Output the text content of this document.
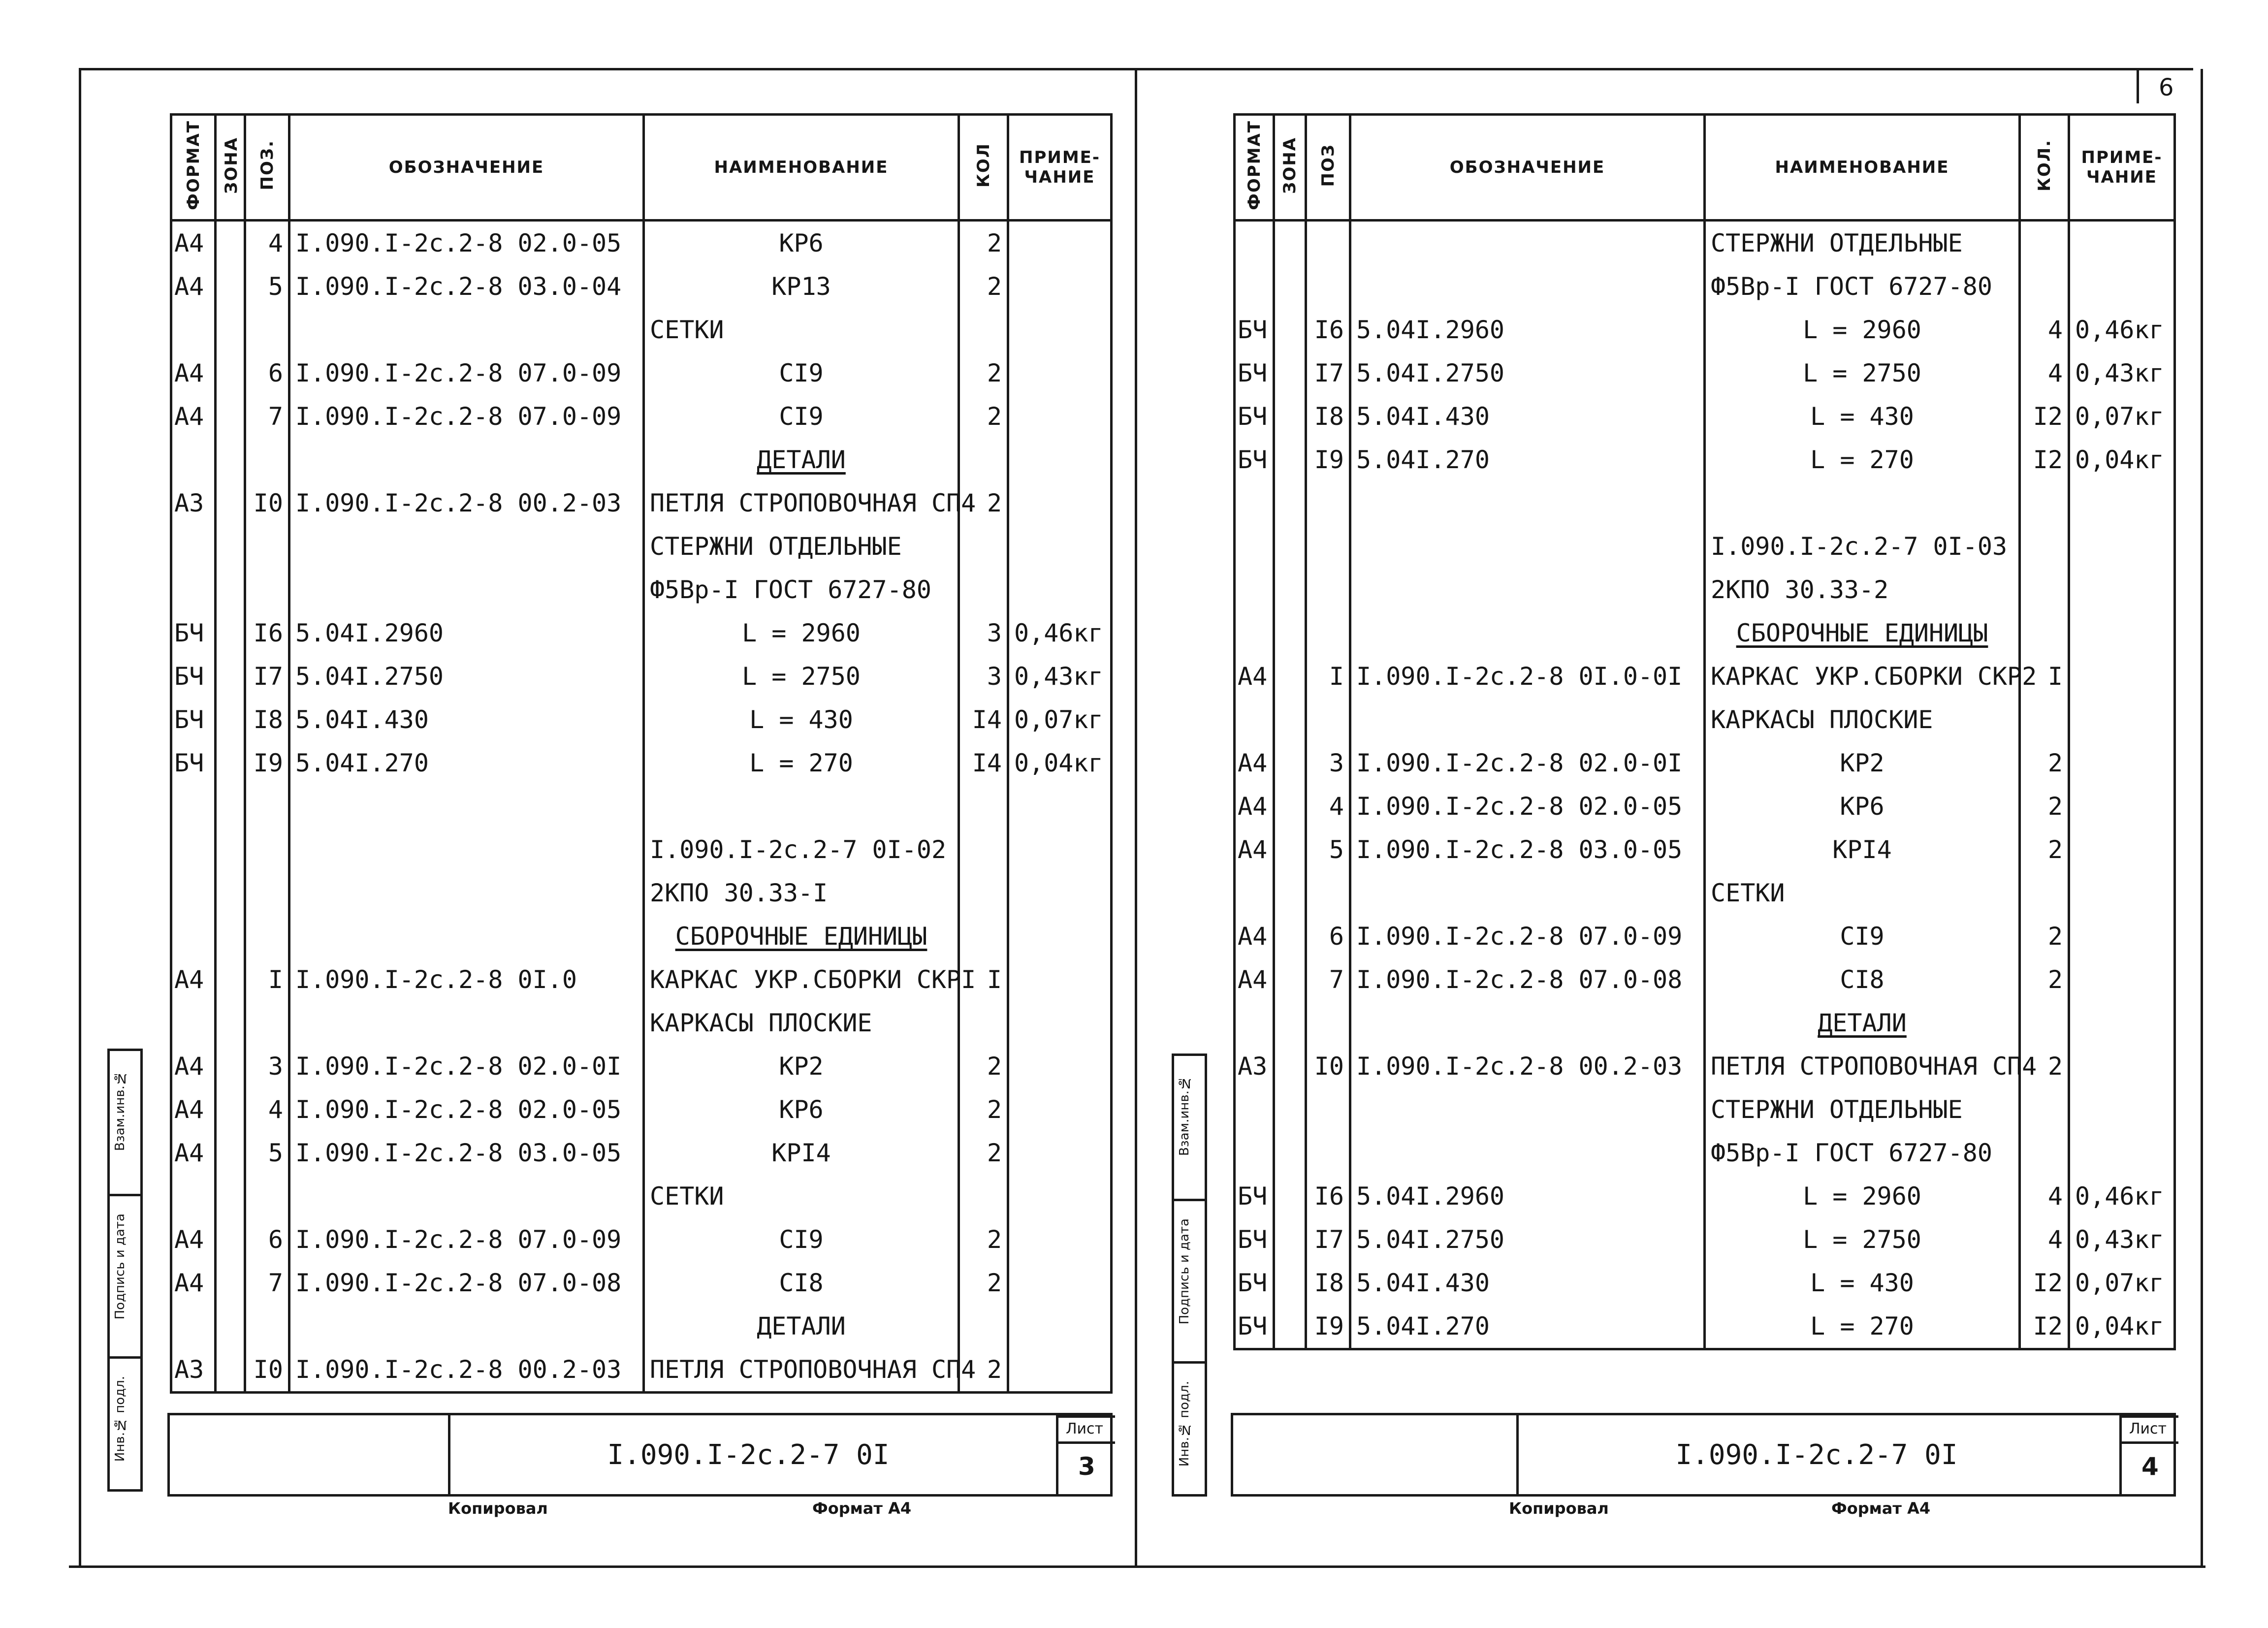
ФОРМАТ	ЗОНА	ПОЗ.	ОБОЗНАЧЕНИЕ	НАИМЕНОВАНИЕ	КОЛ	ПРИМЕ- ЧАНИЕ
А4		4	I.090.I-2с.2-8 02.0-05	КР6	2	
А4		5	I.090.I-2с.2-8 03.0-04	КР13	2	
				СЕТКИ		
А4		6	I.090.I-2с.2-8 07.0-09	СI9	2	
А4		7	I.090.I-2с.2-8 07.0-09	СI9	2	
				ДЕТАЛИ		
А3		I0	I.090.I-2с.2-8 00.2-03	ПЕТЛЯ СТРОПОВОЧНАЯ СП4	2	
				СТЕРЖНИ ОТДЕЛЬНЫЕ		
				Ф5Вр-I ГОСТ 6727-80		
БЧ		I6	5.04I.2960	L = 2960	3	0,46кг
БЧ		I7	5.04I.2750	L = 2750	3	0,43кг
БЧ		I8	5.04I.430	L = 430	I4	0,07кг
БЧ		I9	5.04I.270	L = 270	I4	0,04кг

				I.090.I-2с.2-7 0I-02		
				2КПО 30.33-I		
				СБОРОЧНЫЕ ЕДИНИЦЫ		
А4		I	I.090.I-2с.2-8 0I.0	КАРКАС УКР.СБОРКИ СКРI	I	
				КАРКАСЫ ПЛОСКИЕ		
А4		3	I.090.I-2с.2-8 02.0-0I	КР2	2	
А4		4	I.090.I-2с.2-8 02.0-05	КР6	2	
А4		5	I.090.I-2с.2-8 03.0-05	КРI4	2	
				СЕТКИ		
А4		6	I.090.I-2с.2-8 07.0-09	СI9	2	
А4		7	I.090.I-2с.2-8 07.0-08	СI8	2	
				ДЕТАЛИ		
А3		I0	I.090.I-2с.2-8 00.2-03	ПЕТЛЯ СТРОПОВОЧНАЯ СП4	2	
Взам.инв.№
Подпись и дата
Инв.№ подл.	I.090.I-2с.2-7 0I
Лист
3
Копировал	Формат А4
ФОРМАТ	ЗОНА	ПОЗ	ОБОЗНАЧЕНИЕ	НАИМЕНОВАНИЕ	КОЛ.	ПРИМЕ- ЧАНИЕ
				СТЕРЖНИ ОТДЕЛЬНЫЕ		
				Ф5Вр-I ГОСТ 6727-80		
БЧ		I6	5.04I.2960	L = 2960	4	0,46кг
БЧ		I7	5.04I.2750	L = 2750	4	0,43кг
БЧ		I8	5.04I.430	L = 430	I2	0,07кг
БЧ		I9	5.04I.270	L = 270	I2	0,04кг

				I.090.I-2с.2-7 0I-03		
				2КПО 30.33-2		
				СБОРОЧНЫЕ ЕДИНИЦЫ		
А4		I	I.090.I-2с.2-8 0I.0-0I	КАРКАС УКР.СБОРКИ СКР2	I	
				КАРКАСЫ ПЛОСКИЕ		
А4		3	I.090.I-2с.2-8 02.0-0I	КР2	2	
А4		4	I.090.I-2с.2-8 02.0-05	КР6	2	
А4		5	I.090.I-2с.2-8 03.0-05	КРI4	2	
				СЕТКИ		
А4		6	I.090.I-2с.2-8 07.0-09	СI9	2	
А4		7	I.090.I-2с.2-8 07.0-08	СI8	2	
				ДЕТАЛИ		
А3		I0	I.090.I-2с.2-8 00.2-03	ПЕТЛЯ СТРОПОВОЧНАЯ СП4	2	
				СТЕРЖНИ ОТДЕЛЬНЫЕ		
				Ф5Вр-I ГОСТ 6727-80		
БЧ		I6	5.04I.2960	L = 2960	4	0,46кг
БЧ		I7	5.04I.2750	L = 2750	4	0,43кг
БЧ		I8	5.04I.430	L = 430	I2	0,07кг
БЧ		I9	5.04I.270	L = 270	I2	0,04кг
6
Взам.инв.№
Подпись и дата
Инв.№ подл.	I.090.I-2с.2-7 0I
Лист
4
Копировал	Формат А4
